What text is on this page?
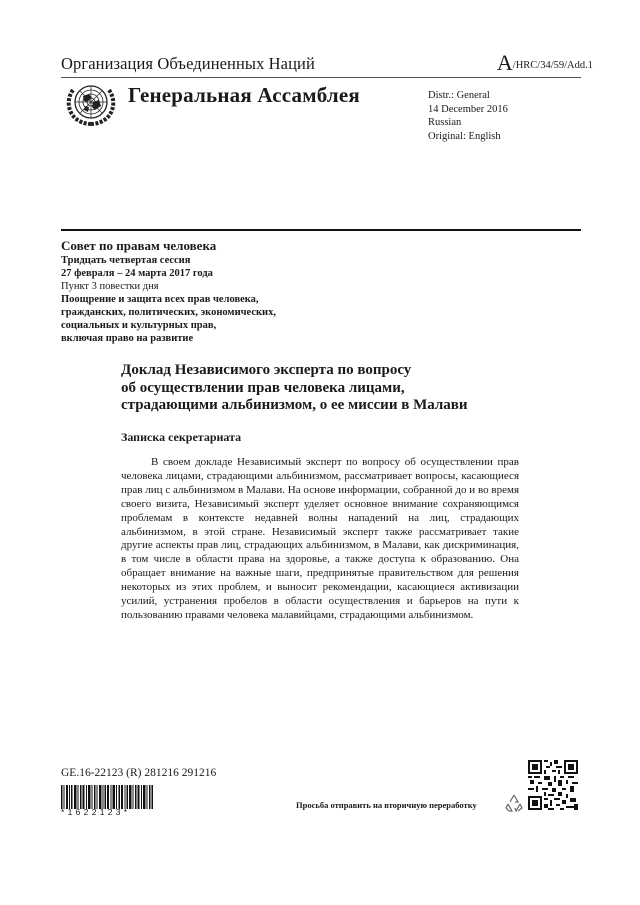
Организация Объединенных Наций	A/HRC/34/59/Add.1
Генеральная Ассамблея	Distr.: General
14 December 2016
Russian
Original: English
Совет по правам человека
Тридцать четвертая сессия
27 февраля – 24 марта 2017 года
Пункт 3 повестки дня
Поощрение и защита всех прав человека,
гражданских, политических, экономических,
социальных и культурных прав,
включая право на развитие
Доклад Независимого эксперта по вопросу
об осуществлении прав человека лицами,
страдающими альбинизмом, о ее миссии в Малави
Записка секретариата
В своем докладе Независимый эксперт по вопросу об осуществлении прав человека лицами, страдающими альбинизмом, рассматривает вопросы, касающиеся прав лиц с альбинизмом в Малави. На основе информации, собранной до и во время своего визита, Независимый эксперт уделяет основное внимание сохраняющимся проблемам в контексте недавней волны нападений на лиц, страдающих альбинизмом, в этой стране. Независимый эксперт также рассматривает такие другие аспекты прав лиц, страдающих альбинизмом, в Малави, как дискриминация, в том числе в области права на здоровье, а также доступа к образованию. Она обращает внимание на важные шаги, предпринятые правительством для решения некоторых из этих проблем, и выносит рекомендации, касающиеся активизации усилий, устранения пробелов в области осуществления и барьеров на пути к пользованию правами человека малавийцами, страдающими альбинизмом.
GE.16-22123 (R) 281216 291216
*1622123*
Просьба отправить на вторичную переработку
